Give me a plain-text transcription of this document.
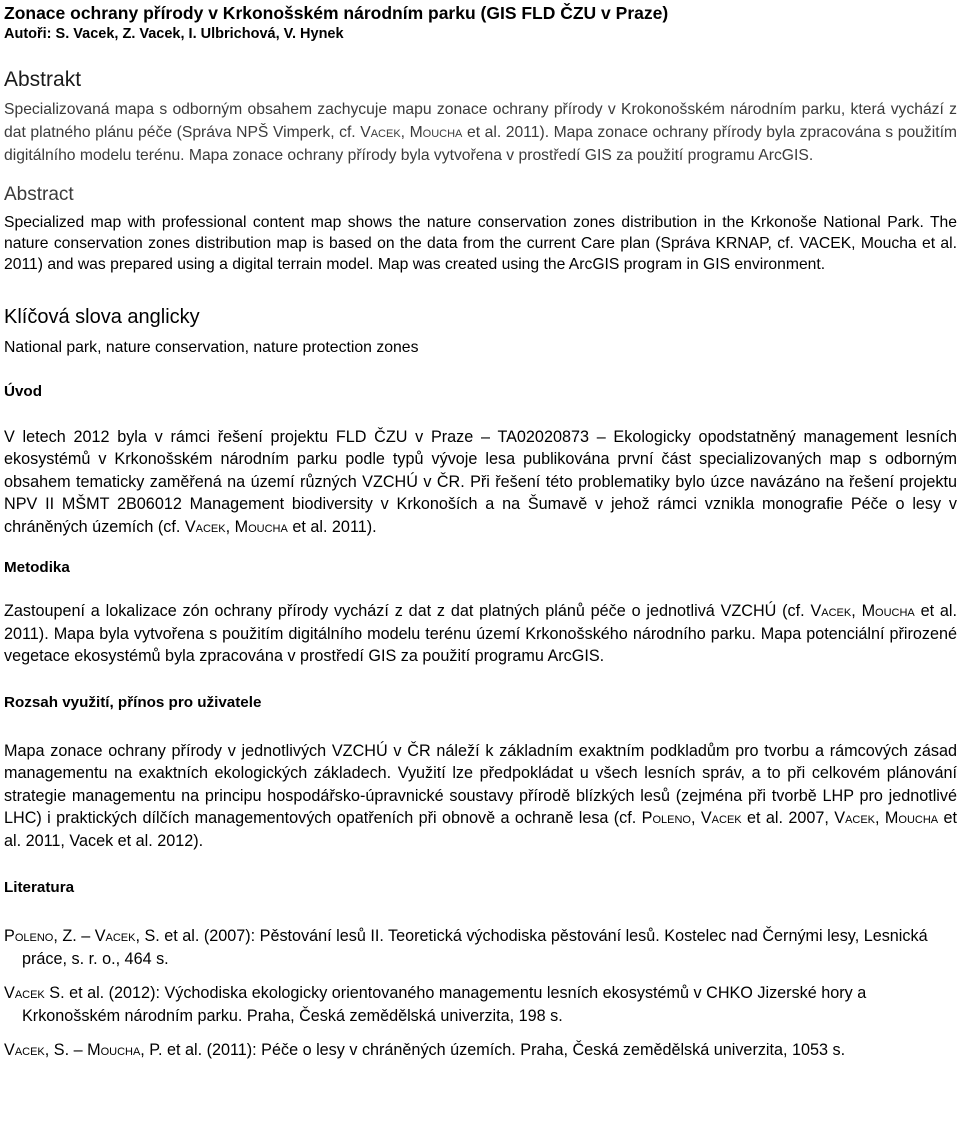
Zonace ochrany přírody v Krkonošském národním parku (GIS FLD ČZU v Praze)

Autoři: S. Vacek, Z. Vacek, I. Ulbrichová, V. Hynek

Abstrakt

Specializovaná mapa s odborným obsahem zachycuje mapu zonace ochrany přírody v Krokonošském národním parku, která vychází z dat platného plánu péče (Správa NPŠ Vimperk, cf. Vacek, Moucha et al. 2011). Mapa zonace ochrany přírody byla zpracována s použitím digitálního modelu terénu. Mapa zonace ochrany přírody byla vytvořena v prostředí GIS za použití programu ArcGIS.

Abstract

Specialized map with professional content map shows the nature conservation zones distribution in the Krkonoše National Park. The nature conservation zones distribution map is based on the data from the current Care plan (Správa KRNAP, cf. VACEK, Moucha et al. 2011) and was prepared using a digital terrain model. Map was created using the ArcGIS program in GIS environment.

Klíčová slova anglicky

National park, nature conservation, nature protection zones

Úvod

V letech 2012 byla v rámci řešení projektu FLD ČZU v Praze – TA02020873 – Ekologicky opodstatněný management lesních ekosystémů v Krkonošském národním parku podle typů vývoje lesa publikována první část specializovaných map s odborným obsahem tematicky zaměřená na území různých VZCHÚ v ČR. Při řešení této problematiky bylo úzce navázáno na řešení projektu NPV II MŠMT 2B06012 Management biodiversity v Krkonoších a na Šumavě v jehož rámci vznikla monografie Péče o lesy v chráněných územích (cf. Vacek, Moucha et al. 2011).

Metodika

Zastoupení a lokalizace zón ochrany přírody vychází z dat z dat platných plánů péče o jednotlivá VZCHÚ (cf. Vacek, Moucha et al. 2011). Mapa byla vytvořena s použitím digitálního modelu terénu území Krkonošského národního parku. Mapa potenciální přirozené vegetace ekosystémů byla zpracována v prostředí GIS za použití programu ArcGIS.

Rozsah využití, přínos pro uživatele

Mapa zonace ochrany přírody v jednotlivých VZCHÚ v ČR náleží k základním exaktním podkladům pro tvorbu a rámcových zásad managementu na exaktních ekologických základech. Využití lze předpokládat u všech lesních správ, a to při celkovém plánování strategie managementu na principu hospodářsko-úpravnické soustavy přírodě blízkých lesů (zejména při tvorbě LHP pro jednotlivé LHC) i praktických dílčích managementových opatřeních při obnově a ochraně lesa (cf. Poleno, Vacek et al. 2007, Vacek, Moucha et al. 2011, Vacek et al. 2012).

Literatura

Poleno, Z. – Vacek, S. et al. (2007): Pěstování lesů II. Teoretická východiska pěstování lesů. Kostelec nad Černými lesy, Lesnická práce, s. r. o., 464 s.

Vacek S. et al. (2012): Východiska ekologicky orientovaného managementu lesních ekosystémů v CHKO Jizerské hory a Krkonošském národním parku. Praha, Česká zemědělská univerzita, 198 s.

Vacek, S. – Moucha, P. et al. (2011): Péče o lesy v chráněných územích. Praha, Česká zemědělská univerzita, 1053 s.
